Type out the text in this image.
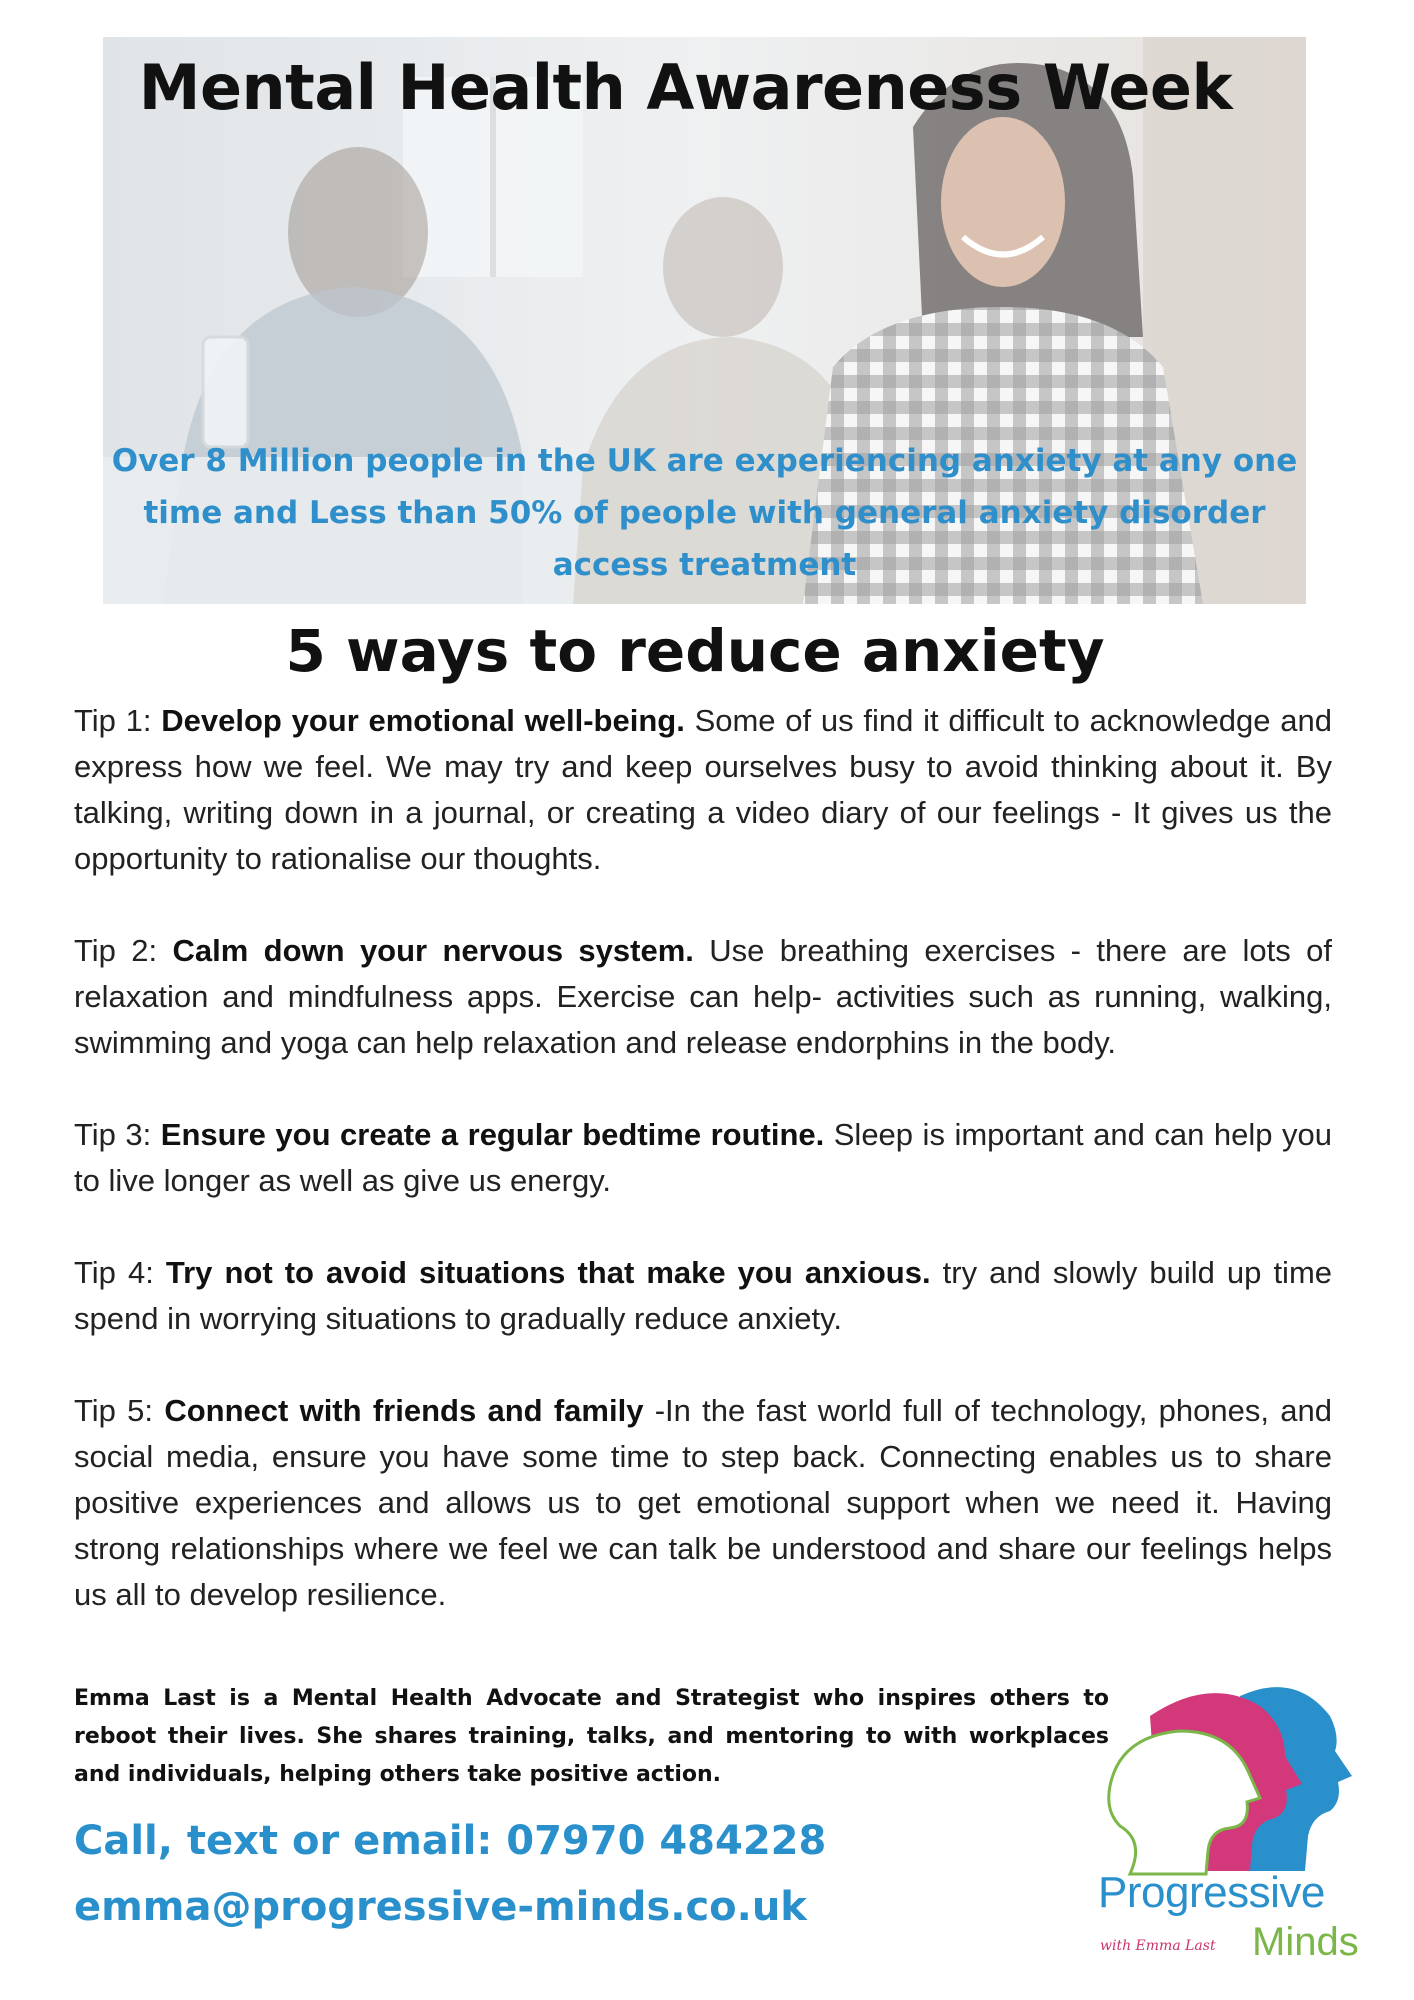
Mental Health Awareness Week

Over 8 Million people in the UK are experiencing anxiety at any one time and Less than 50% of people with general anxiety disorder access treatment

5 ways to reduce anxiety

Tip 1: Develop your emotional well-being. Some of us find it difficult to acknowledge and express how we feel. We may try and keep ourselves busy to avoid thinking about it. By talking, writing down in a journal, or creating a video diary of our feelings - It gives us the opportunity to rationalise our thoughts.

Tip 2: Calm down your nervous system. Use breathing exercises - there are lots of relaxation and mindfulness apps. Exercise can help- activities such as running, walking, swimming and yoga can help relaxation and release endorphins in the body.

Tip 3: Ensure you create a regular bedtime routine. Sleep is important and can help you to live longer as well as give us energy.

Tip 4: Try not to avoid situations that make you anxious. try and slowly build up time spend in worrying situations to gradually reduce anxiety.

Tip 5: Connect with friends and family -In the fast world full of technology, phones, and social media, ensure you have some time to step back. Connecting enables us to share positive experiences and allows us to get emotional support when we need it. Having strong relationships where we feel we can talk be understood and share our feelings helps us all to develop resilience.

Emma Last is a Mental Health Advocate and Strategist who inspires others to reboot their lives. She shares training, talks, and mentoring to with workplaces and individuals, helping others take positive action.

Call, text or email: 07970 484228

emma@progressive-minds.co.uk	Progressive

with Emma Last Minds
